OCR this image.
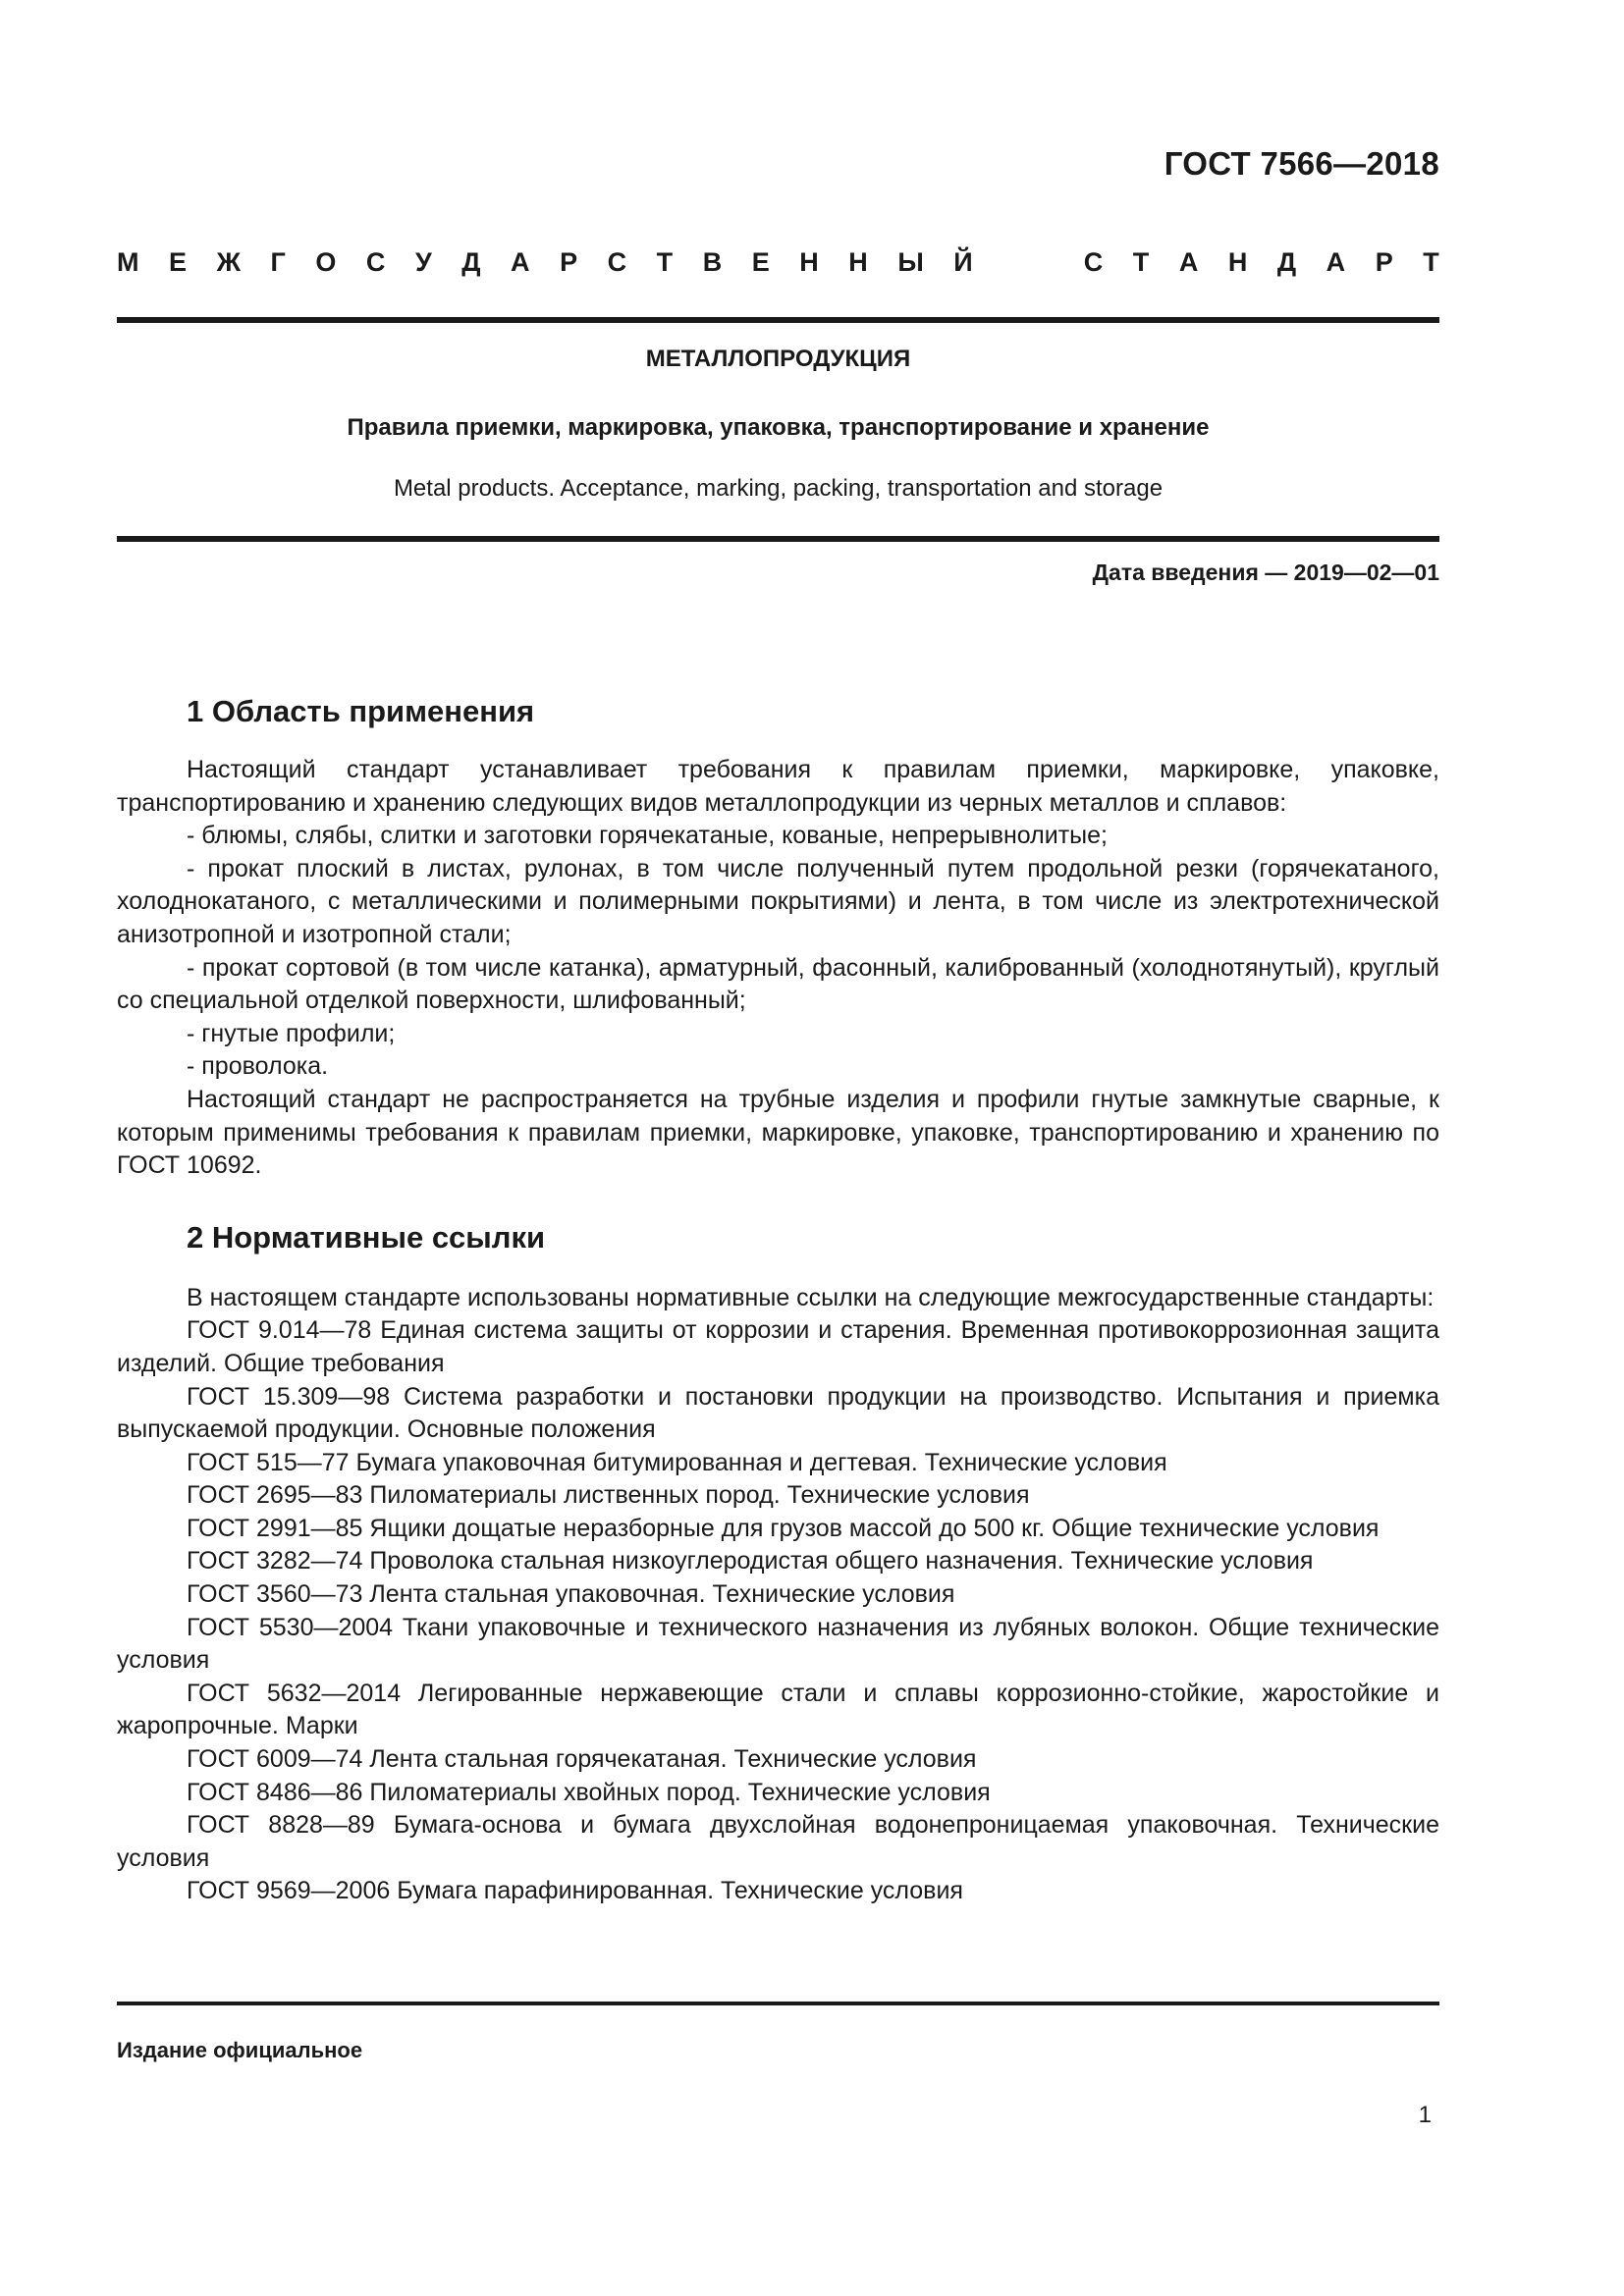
ГОСТ 7566—2018
М Е Ж Г О С У Д А Р С Т В Е Н Н Ы Й	С Т А Н Д А Р Т
МЕТАЛЛОПРОДУКЦИЯ
Правила приемки, маркировка, упаковка, транспортирование и хранение
Metal products. Acceptance, marking, packing, transportation and storage
Дата введения — 2019—02—01
1 Область применения

Настоящий стандарт устанавливает требования к правилам приемки, маркировке, упаковке, транспортированию и хранению следующих видов металлопродукции из черных металлов и сплавов:

- блюмы, слябы, слитки и заготовки горячекатаные, кованые, непрерывнолитые;

- прокат плоский в листах, рулонах, в том числе полученный путем продольной резки (горячекатаного, холоднокатаного, с металлическими и полимерными покрытиями) и лента, в том числе из электротехнической анизотропной и изотропной стали;

- прокат сортовой (в том числе катанка), арматурный, фасонный, калиброванный (холоднотянутый), круглый со специальной отделкой поверхности, шлифованный;

- гнутые профили;

- проволока.

Настоящий стандарт не распространяется на трубные изделия и профили гнутые замкнутые сварные, к которым применимы требования к правилам приемки, маркировке, упаковке, транспортированию и хранению по ГОСТ 10692.

2 Нормативные ссылки

В настоящем стандарте использованы нормативные ссылки на следующие межгосударственные стандарты:

ГОСТ 9.014—78 Единая система защиты от коррозии и старения. Временная противокоррозионная защита изделий. Общие требования

ГОСТ 15.309—98 Система разработки и постановки продукции на производство. Испытания и приемка выпускаемой продукции. Основные положения

ГОСТ 515—77 Бумага упаковочная битумированная и дегтевая. Технические условия

ГОСТ 2695—83 Пиломатериалы лиственных пород. Технические условия

ГОСТ 2991—85 Ящики дощатые неразборные для грузов массой до 500 кг. Общие технические условия

ГОСТ 3282—74 Проволока стальная низкоуглеродистая общего назначения. Технические условия

ГОСТ 3560—73 Лента стальная упаковочная. Технические условия

ГОСТ 5530—2004 Ткани упаковочные и технического назначения из лубяных волокон. Общие технические условия

ГОСТ 5632—2014 Легированные нержавеющие стали и сплавы коррозионно-стойкие, жаростойкие и жаропрочные. Марки

ГОСТ 6009—74 Лента стальная горячекатаная. Технические условия

ГОСТ 8486—86 Пиломатериалы хвойных пород. Технические условия

ГОСТ 8828—89 Бумага-основа и бумага двухслойная водонепроницаемая упаковочная. Технические условия

ГОСТ 9569—2006 Бумага парафинированная. Технические условия

Издание официальное
1
